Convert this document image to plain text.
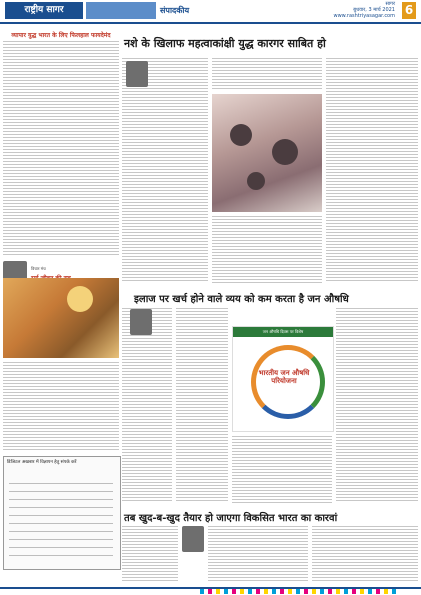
राष्ट्रीय सागर	संपादकीय
सागर
बुधवार, 3 मार्च 2021
www.rashtriyasagar.com 6
व्यापार युद्ध भारत के लिए फिलहाल फायदेमंद
विचार मंच
डिजिटल अखबार में विज्ञापन हेतु संपर्क करें
नशे के खिलाफ महत्वाकांक्षी युद्ध कारगर साबित हो
इलाज पर खर्च होने वाले व्यय को कम करता है जन औषधि
जन औषधि दिवस पर विशेष
भारतीय जन औषधि परियोजना
तब खुद-ब-खुद तैयार हो जाएगा विकसित भारत का कारवां
